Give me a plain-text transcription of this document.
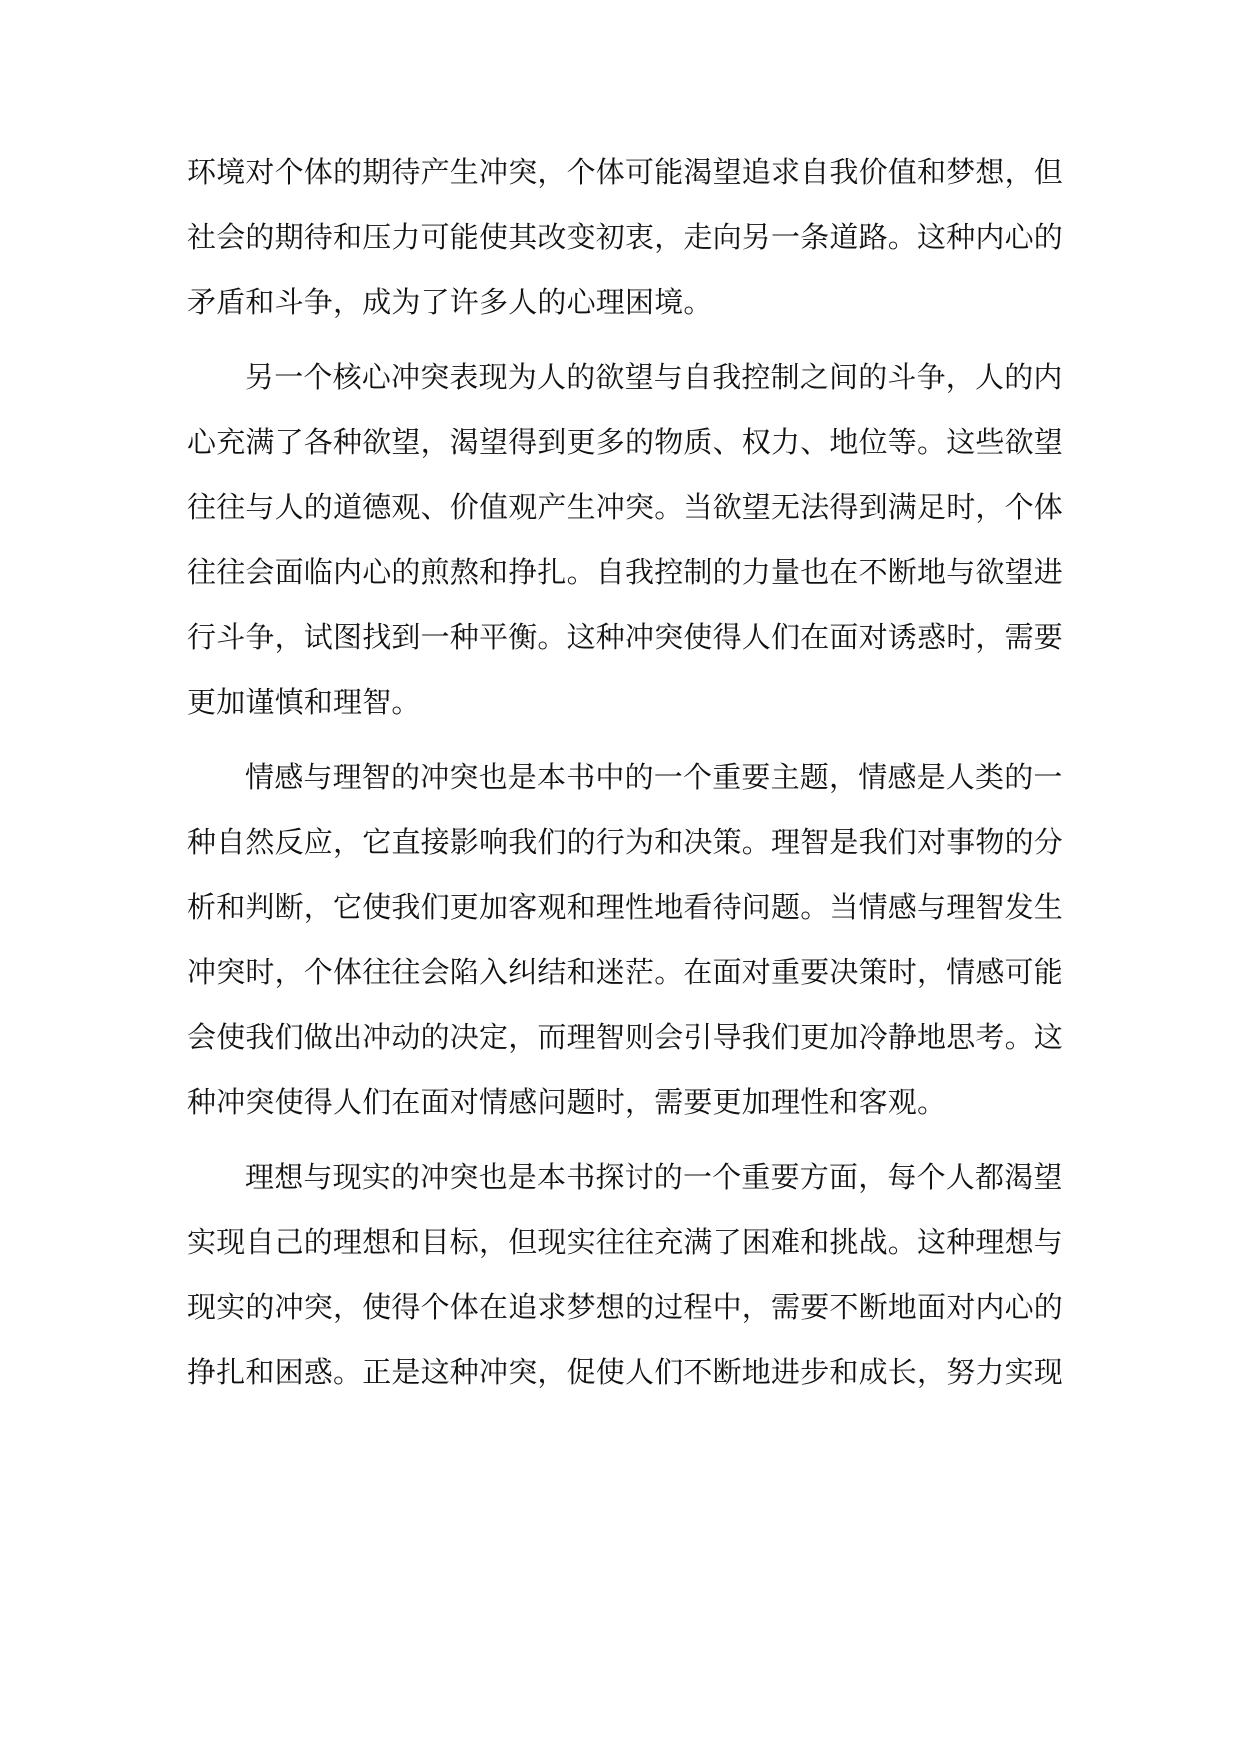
环境对个体的期待产生冲突，个体可能渴望追求自我价值和梦想，但
社会的期待和压力可能使其改变初衷，走向另一条道路。这种内心的
矛盾和斗争，成为了许多人的心理困境。
另一个核心冲突表现为人的欲望与自我控制之间的斗争，人的内
心充满了各种欲望，渴望得到更多的物质、权力、地位等。这些欲望
往往与人的道德观、价值观产生冲突。当欲望无法得到满足时，个体
往往会面临内心的煎熬和挣扎。自我控制的力量也在不断地与欲望进
行斗争，试图找到一种平衡。这种冲突使得人们在面对诱惑时，需要
更加谨慎和理智。
情感与理智的冲突也是本书中的一个重要主题，情感是人类的一
种自然反应，它直接影响我们的行为和决策。理智是我们对事物的分
析和判断，它使我们更加客观和理性地看待问题。当情感与理智发生
冲突时，个体往往会陷入纠结和迷茫。在面对重要决策时，情感可能
会使我们做出冲动的决定，而理智则会引导我们更加冷静地思考。这
种冲突使得人们在面对情感问题时，需要更加理性和客观。
理想与现实的冲突也是本书探讨的一个重要方面，每个人都渴望
实现自己的理想和目标，但现实往往充满了困难和挑战。这种理想与
现实的冲突，使得个体在追求梦想的过程中，需要不断地面对内心的
挣扎和困惑。正是这种冲突，促使人们不断地进步和成长，努力实现
